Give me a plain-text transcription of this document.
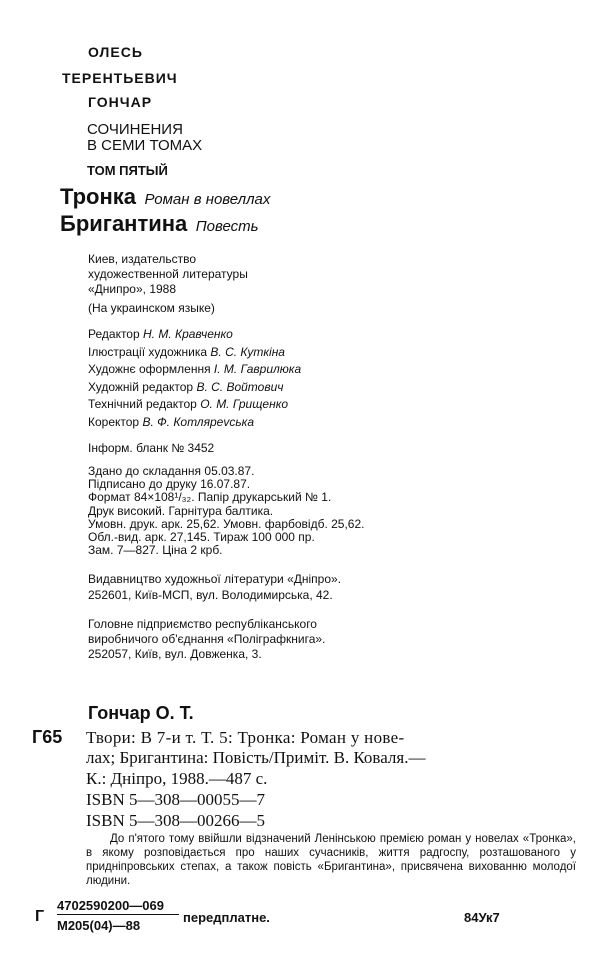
ОЛЕСЬ
ТЕРЕНТЬЕВИЧ
ГОНЧАР
СОЧИНЕНИЯ
В СЕМИ ТОМАХ
ТОМ ПЯТЫЙ
Тронка Роман в новеллах
Бригантина Повесть
Киев, издательство
художественной литературы
«Днипро», 1988
(На украинском языке)
Редактор Н. М. Кравченко
Ілюстрації художника В. С. Куткіна
Художнє оформлення І. М. Гаврилюка
Художній редактор В. С. Войтович
Технічний редактор О. М. Грищенко
Коректор В. Ф. Котлярevська
Інформ. бланк № 3452
Здано до складання 05.03.87.
Підписано до друку 16.07.87.
Формат 84×108¹/₃₂. Папір друкарський № 1.
Друк високий. Гарнітура балтика.
Умовн. друк. арк. 25,62. Умовн. фарбовідб. 25,62.
Обл.-вид. арк. 27,145. Тираж 100 000 пр.
Зам. 7—827. Ціна 2 крб.
Видавництво художньої літератури «Дніпро».
252601, Київ-МСП, вул. Володимирська, 42.
Головне підприємство республіканського
виробничого об'єднання «Поліграфкнига».
252057, Київ, вул. Довженка, 3.
Гончар О. Т.
Г65 Твори: В 7-и т. Т. 5: Тронка: Роман у нове-
лах; Бригантина: Повість/Приміт. В. Коваля.—
К.: Дніпро, 1988.—487 с.
ISBN 5—308—00055—7
ISBN 5—308—00266—5
До п'ятого тому ввійшли відзначений Ленінською премією роман у новелах «Тронка», в якому розповідається про наших сучасників, життя радгоспу, розташованого у придніпровських степах, а також повість «Бригантина», присвячена вихованню молодої людини.
Г
4702590200—069
М205(04)—88
передплатне.	84Ук7
